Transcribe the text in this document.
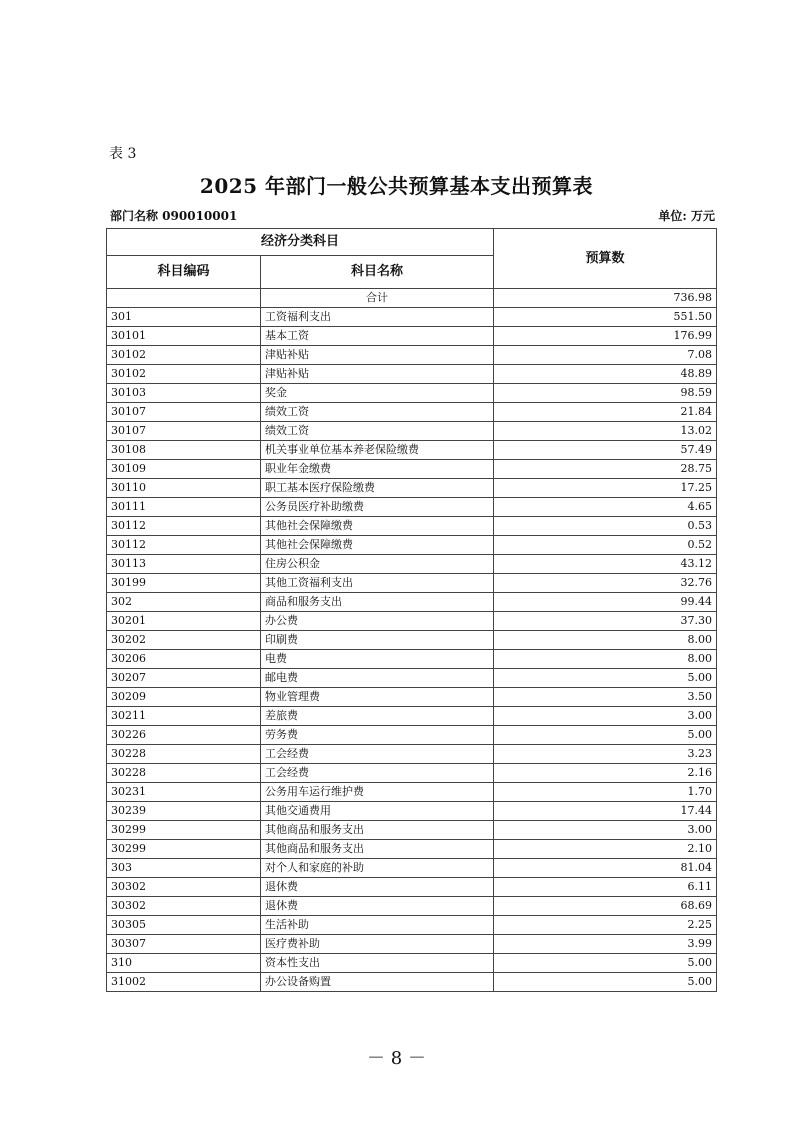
表 3
2025 年部门一般公共预算基本支出预算表
部门名称 090010001	单位: 万元
经济分类科目		预算数
科目编码	科目名称	
	合计	736.98
301	工资福利支出	551.50
30101	基本工资	176.99
30102	津贴补贴	7.08
30102	津贴补贴	48.89
30103	奖金	98.59
30107	绩效工资	21.84
30107	绩效工资	13.02
30108	机关事业单位基本养老保险缴费	57.49
30109	职业年金缴费	28.75
30110	职工基本医疗保险缴费	17.25
30111	公务员医疗补助缴费	4.65
30112	其他社会保障缴费	0.53
30112	其他社会保障缴费	0.52
30113	住房公积金	43.12
30199	其他工资福利支出	32.76
302	商品和服务支出	99.44
30201	办公费	37.30
30202	印刷费	8.00
30206	电费	8.00
30207	邮电费	5.00
30209	物业管理费	3.50
30211	差旅费	3.00
30226	劳务费	5.00
30228	工会经费	3.23
30228	工会经费	2.16
30231	公务用车运行维护费	1.70
30239	其他交通费用	17.44
30299	其他商品和服务支出	3.00
30299	其他商品和服务支出	2.10
303	对个人和家庭的补助	81.04
30302	退休费	6.11
30302	退休费	68.69
30305	生活补助	2.25
30307	医疗费补助	3.99
310	资本性支出	5.00
31002	办公设备购置	5.00
－ 8 －
